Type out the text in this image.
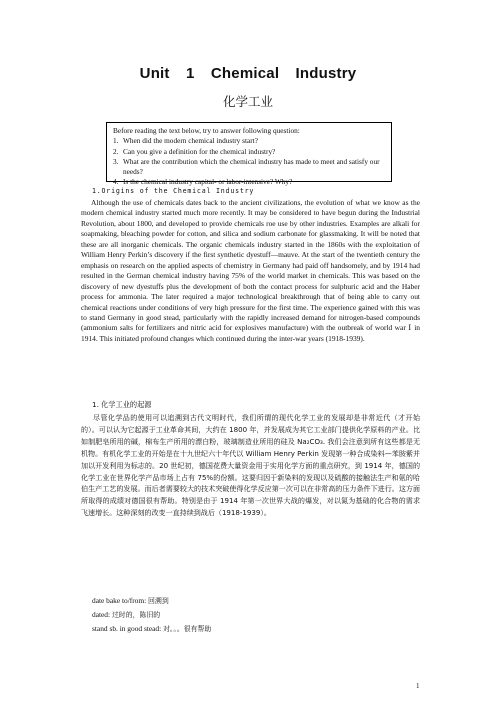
Unit 1 Chemical Industry
化学工业
Before reading the text below, try to answer following question:
1. When did the modern chemical industry start?
2. Can you give a definition for the chemical industry?
3. What are the contribution which the chemical industry has made to meet and satisfy our needs?
4. Is the chemical industry capital- or labor-intensive? Why?
1.Origins of the Chemical Industry

Although the use of chemicals dates back to the ancient civilizations, the evolution of what we know as the modern chemical industry started much more recently. It may be considered to have begun during the Industrial Revolution, about 1800, and developed to provide chemicals roe use by other industries. Examples are alkali for soapmaking, bleaching powder for cotton, and silica and sodium carbonate for glassmaking. It will be noted that these are all inorganic chemicals. The organic chemicals industry started in the 1860s with the exploitation of William Henry Perkin’s discovery if the first synthetic dyestuff—mauve. At the start of the twentieth century the emphasis on research on the applied aspects of chemistry in Germany had paid off handsomely, and by 1914 had resulted in the German chemical industry having 75% of the world market in chemicals. This was based on the discovery of new dyestuffs plus the development of both the contact process for sulphuric acid and the Haber process for ammonia. The later required a major technological breakthrough that of being able to carry out chemical reactions under conditions of very high pressure for the first time. The experience gained with this was to stand Germany in good stead, particularly with the rapidly increased demand for nitrogen-based compounds (ammonium salts for fertilizers and nitric acid for explosives manufacture) with the outbreak of world war Ⅰ in 1914. This initiated profound changes which continued during the inter-war years (1918-1939).

1. 化学工业的起源

尽管化学品的使用可以追溯到古代文明时代，我们所谓的现代化学工业的发展却是非常近代（才开始的）。可以认为它起源于工业革命其间，大约在 1800 年，并发展成为其它工业部门提供化学原料的产业。比如制肥皂所用的碱，棉布生产所用的漂白粉，玻璃制造业所用的硅及 Na₂CO₃. 我们会注意到所有这些都是无机物。有机化学工业的开始是在十九世纪六十年代以 William Henry Perkin 发现第一种合成染料—苯胺紫并加以开发利用为标志的。20 世纪初，德国花费大量资金用于实用化学方面的重点研究，到 1914 年，德国的化学工业在世界化学产品市场上占有 75%的份额。这要归因于新染料的发现以及硫酸的接触法生产和氨的哈伯生产工艺的发展。而后者需要较大的技术突破使得化学反应第一次可以在非常高的压力条件下进行。这方面所取得的成绩对德国很有帮助。特别是由于 1914 年第一次世界大战的爆发，对以氮为基础的化合物的需求飞速增长。这种深刻的改变一直持续到战后（1918-1939）。

date bake to/from: 回溯到
dated: 过时的，陈旧的
stand sb. in good stead: 对。。。很有帮助
1
